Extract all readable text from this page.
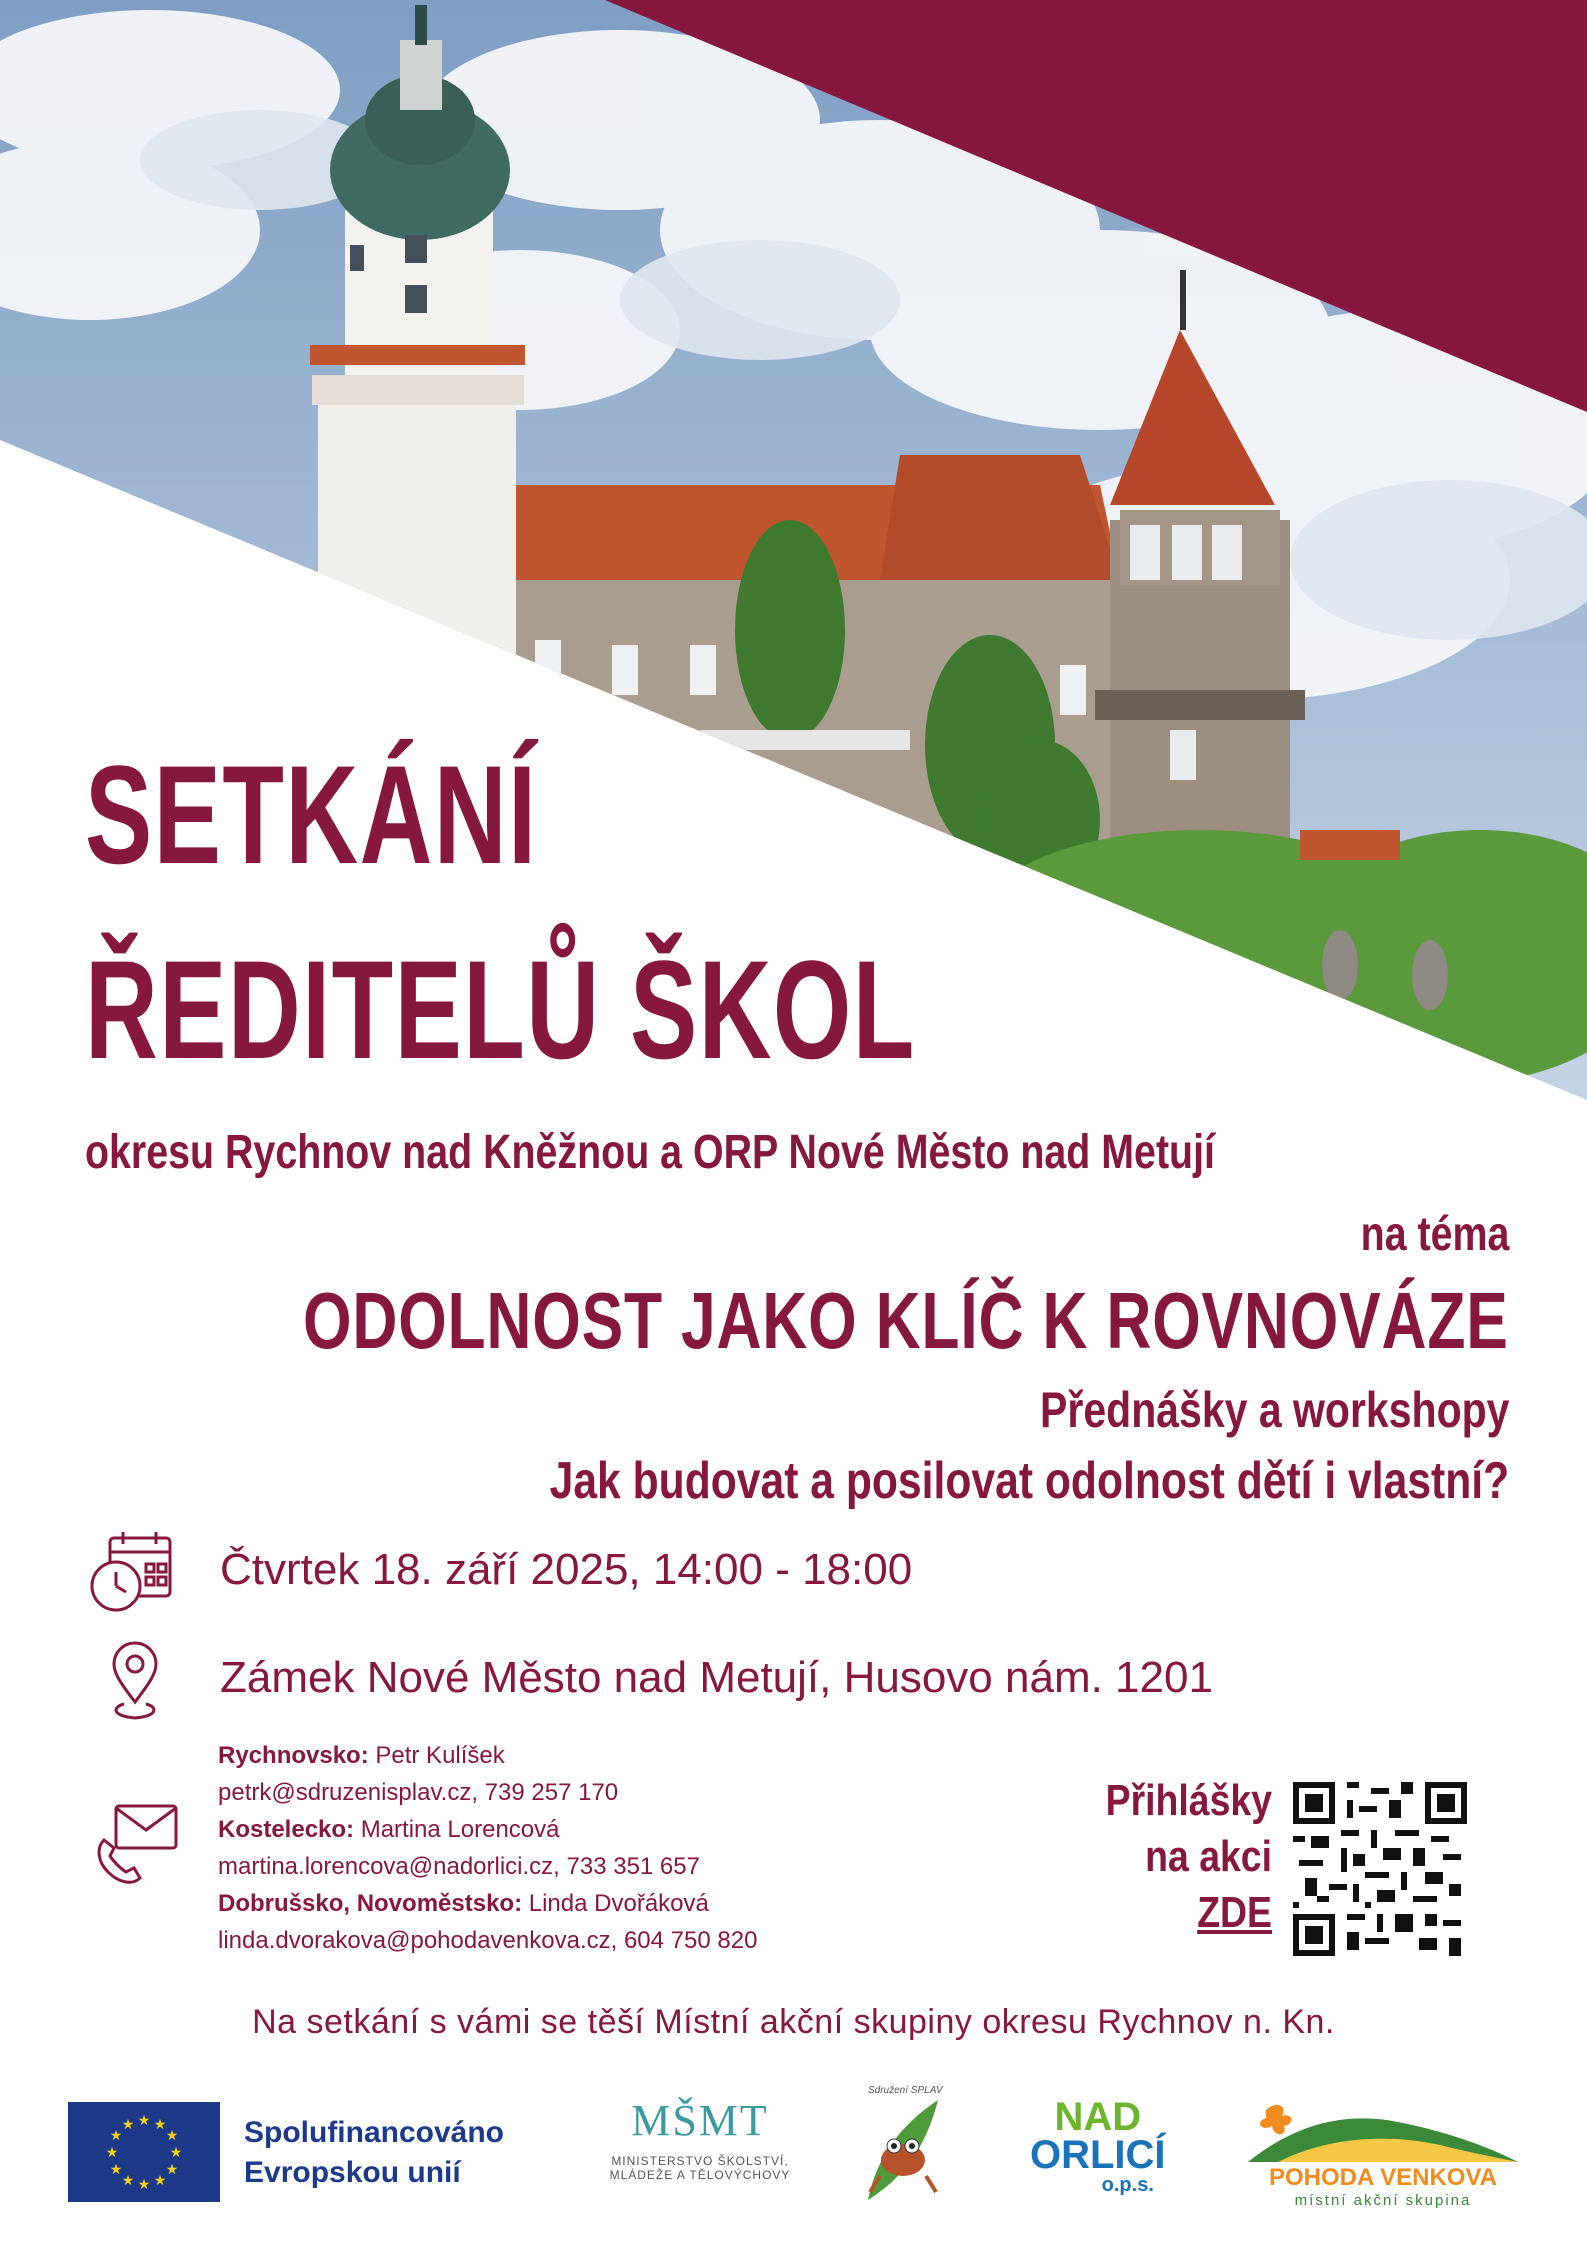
SETKÁNÍ
ŘEDITELŮ ŠKOL
okresu Rychnov nad Kněžnou a ORP Nové Město nad Metují
na téma
ODOLNOST JAKO KLÍČ K ROVNOVÁZE
Přednášky a workshopy
Jak budovat a posilovat odolnost dětí i vlastní?
Čtvrtek 18. září 2025, 14:00 - 18:00
Zámek Nové Město nad Metují, Husovo nám. 1201
Rychnovsko: Petr Kulíšek
petrk@sdruzenisplav.cz, 739 257 170
Kostelecko: Martina Lorencová
martina.lorencova@nadorlici.cz, 733 351 657
Dobrušsko, Novoměstsko: Linda Dvořáková
linda.dvorakova@pohodavenkova.cz, 604 750 820
Přihlášky
na akci
ZDE
Na setkání s vámi se těší Místní akční skupiny okresu Rychnov n. Kn.
★ ★
★
★
★
★
★
★
★
★
★
★	Spolufinancováno
Evropskou unií
MŠMT
MINISTERSTVO ŠKOLSTVÍ,
MLÁDEŽE A TĚLOVÝCHOVY
Sdružení SPLAV
NAD
ORLICÍ
o.p.s.	POHODA VENKOVA
místní akční skupina
